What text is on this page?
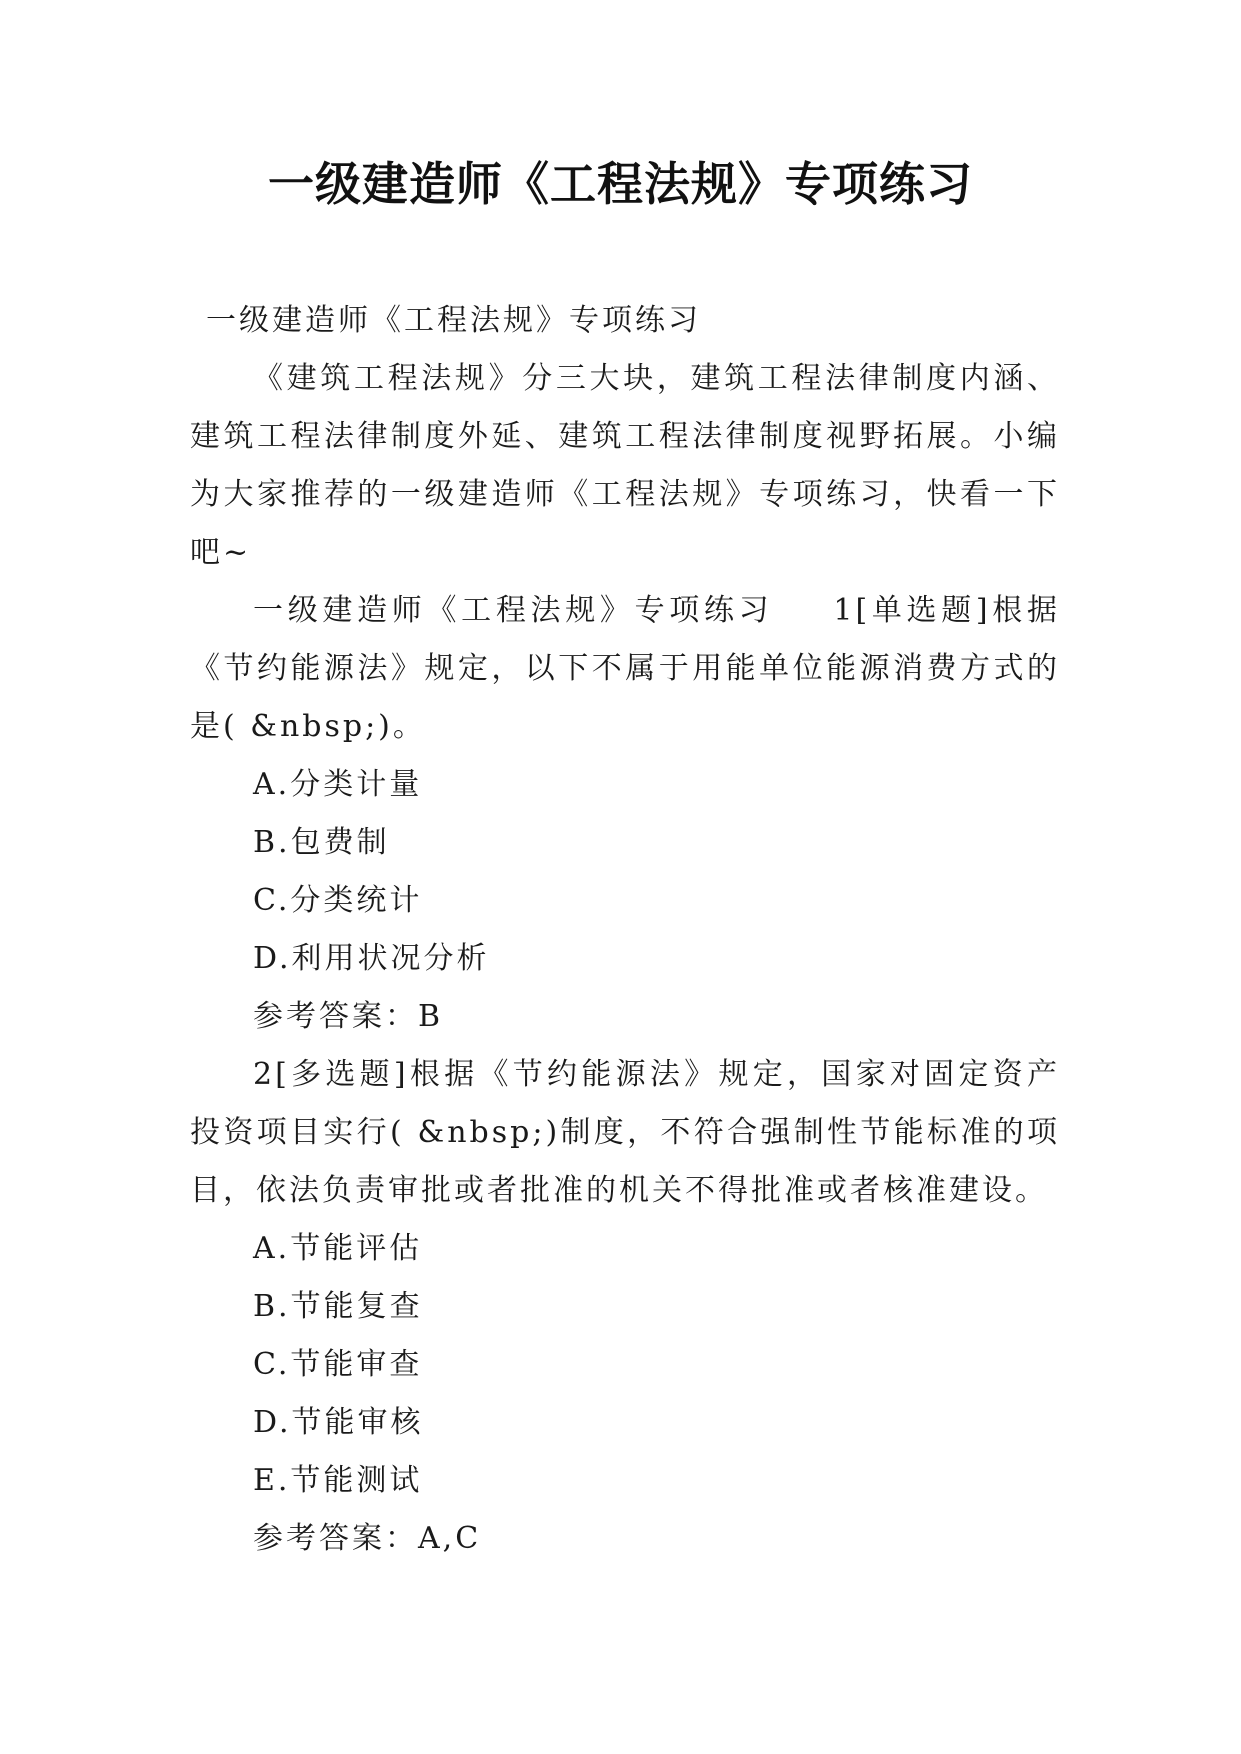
一级建造师《工程法规》专项练习

一级建造师《工程法规》专项练习

《建筑工程法规》分三大块，建筑工程法律制度内涵、建筑工程法律制度外延、建筑工程法律制度视野拓展。小编为大家推荐的一级建造师《工程法规》专项练习，快看一下吧~

一级建造师《工程法规》专项练习 1[单选题]根据《节约能源法》规定，以下不属于用能单位能源消费方式的是( &nbsp;)。

A.分类计量

B.包费制

C.分类统计

D.利用状况分析

参考答案：B

2[多选题]根据《节约能源法》规定，国家对固定资产投资项目实行( &nbsp;)制度，不符合强制性节能标准的项目，依法负责审批或者批准的机关不得批准或者核准建设。

A.节能评估

B.节能复查

C.节能审查

D.节能审核

E.节能测试

参考答案：A,C
